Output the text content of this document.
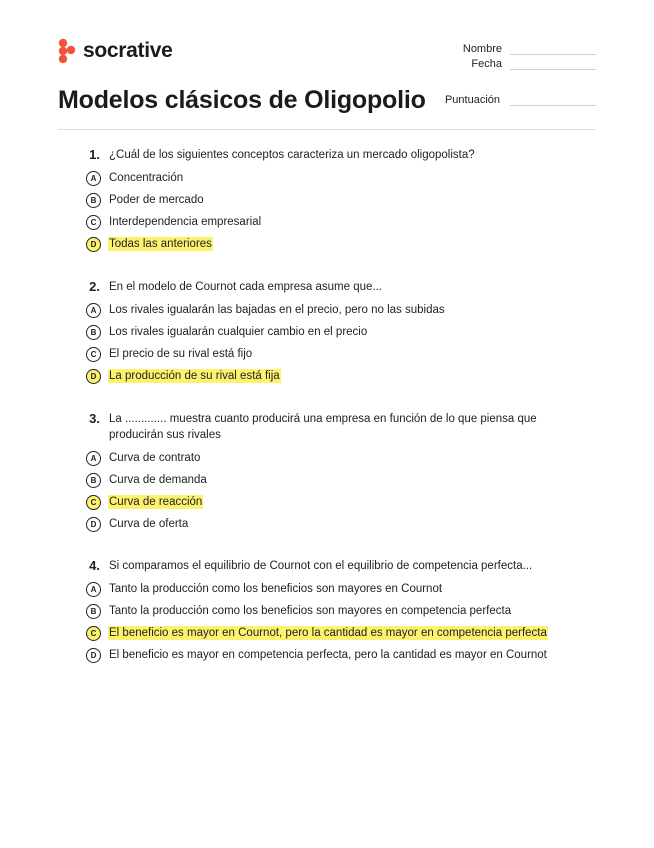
socrative	Nombre
Fecha
Modelos clásicos de Oligopolio Puntuación
1. ¿Cuál de los siguientes conceptos caracteriza un mercado oligopolista?
A	Concentración
B	Poder de mercado
C	Interdependencia empresarial
D	Todas las anteriores
2. En el modelo de Cournot cada empresa asume que...
A	Los rivales igualarán las bajadas en el precio, pero no las subidas
B	Los rivales igualarán cualquier cambio en el precio
C	El precio de su rival está fijo
D	La producción de su rival está fija
3. La ............. muestra cuanto producirá una empresa en función de lo que piensa que producirán sus rivales
A	Curva de contrato
B	Curva de demanda
C	Curva de reacción
D	Curva de oferta
4. Si comparamos el equilibrio de Cournot con el equilibrio de competencia perfecta...
A	Tanto la producción como los beneficios son mayores en Cournot
B	Tanto la producción como los beneficios son mayores en competencia perfecta
C	El beneficio es mayor en Cournot, pero la cantidad es mayor en competencia perfecta
D	El beneficio es mayor en competencia perfecta, pero la cantidad es mayor en Cournot
